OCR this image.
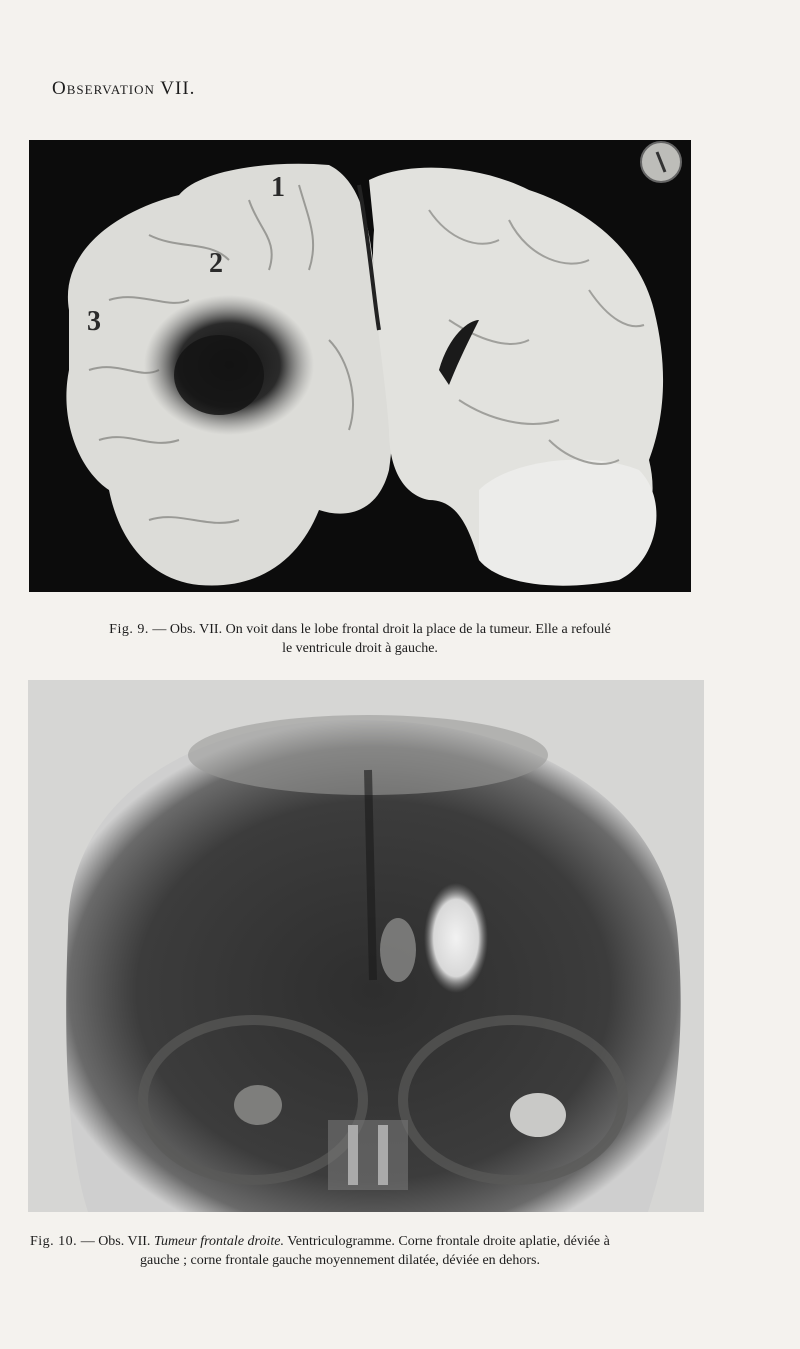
Observation VII.
1
2
3
Fig. 9. — Obs. VII. On voit dans le lobe frontal droit la place de la tumeur. Elle a refoulé
le ventricule droit à gauche.
Fig. 10. — Obs. VII. Tumeur frontale droite. Ventriculogramme. Corne frontale droite aplatie, déviée à
gauche ; corne frontale gauche moyennement dilatée, déviée en dehors.
